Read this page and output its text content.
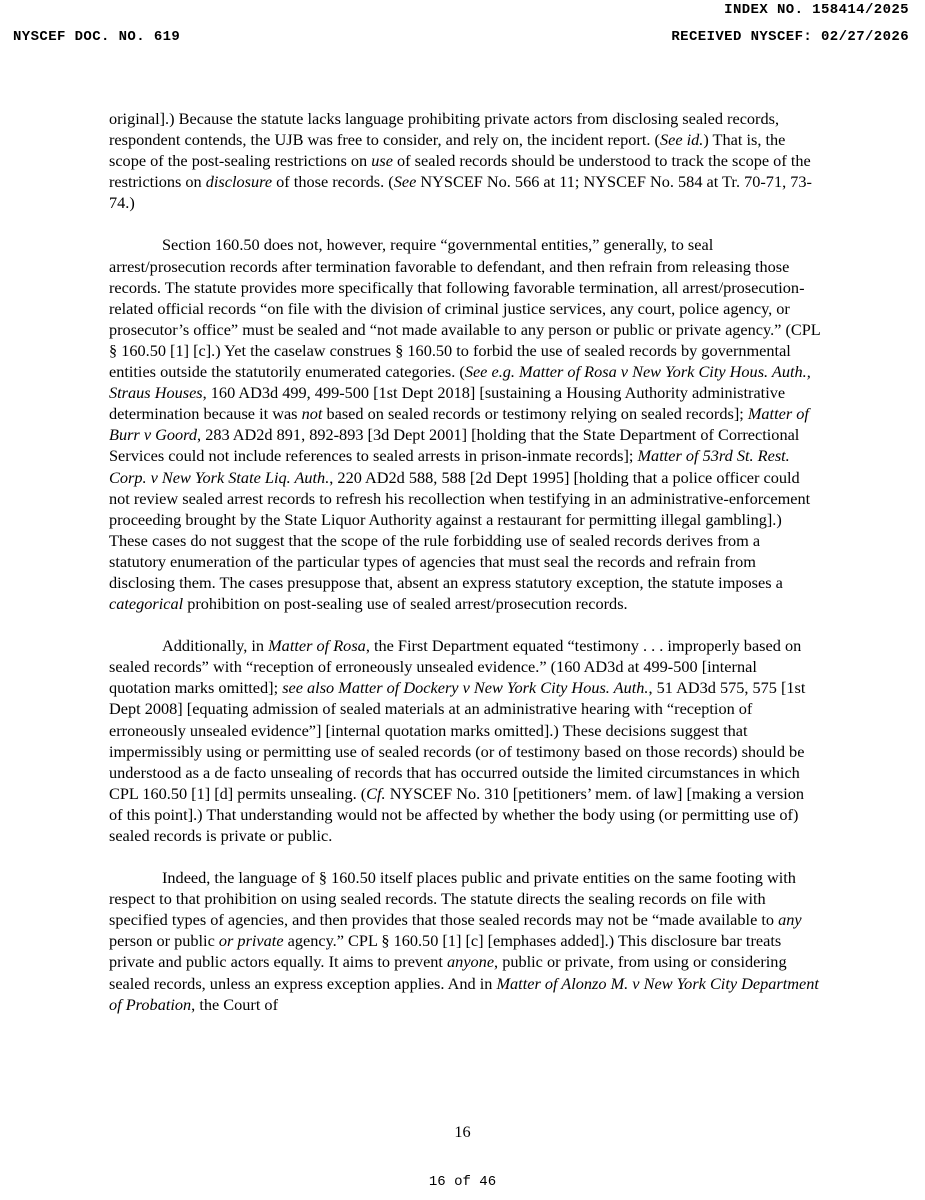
INDEX NO. 158414/2025
NYSCEF DOC. NO. 619	RECEIVED NYSCEF: 02/27/2026

original].) Because the statute lacks language prohibiting private actors from disclosing sealed records, respondent contends, the UJB was free to consider, and rely on, the incident report. (See id.) That is, the scope of the post-sealing restrictions on use of sealed records should be understood to track the scope of the restrictions on disclosure of those records. (See NYSCEF No. 566 at 11; NYSCEF No. 584 at Tr. 70-71, 73-74.)

Section 160.50 does not, however, require “governmental entities,” generally, to seal arrest/prosecution records after termination favorable to defendant, and then refrain from releasing those records. The statute provides more specifically that following favorable termination, all arrest/prosecution-related official records “on file with the division of criminal justice services, any court, police agency, or prosecutor’s office” must be sealed and “not made available to any person or public or private agency.” (CPL § 160.50 [1] [c].) Yet the caselaw construes § 160.50 to forbid the use of sealed records by governmental entities outside the statutorily enumerated categories. (See e.g. Matter of Rosa v New York City Hous. Auth., Straus Houses, 160 AD3d 499, 499-500 [1st Dept 2018] [sustaining a Housing Authority administrative determination because it was not based on sealed records or testimony relying on sealed records]; Matter of Burr v Goord, 283 AD2d 891, 892-893 [3d Dept 2001] [holding that the State Department of Correctional Services could not include references to sealed arrests in prison-inmate records]; Matter of 53rd St. Rest. Corp. v New York State Liq. Auth., 220 AD2d 588, 588 [2d Dept 1995] [holding that a police officer could not review sealed arrest records to refresh his recollection when testifying in an administrative-enforcement proceeding brought by the State Liquor Authority against a restaurant for permitting illegal gambling].) These cases do not suggest that the scope of the rule forbidding use of sealed records derives from a statutory enumeration of the particular types of agencies that must seal the records and refrain from disclosing them. The cases presuppose that, absent an express statutory exception, the statute imposes a categorical prohibition on post-sealing use of sealed arrest/prosecution records.

Additionally, in Matter of Rosa, the First Department equated “testimony . . . improperly based on sealed records” with “reception of erroneously unsealed evidence.” (160 AD3d at 499-500 [internal quotation marks omitted]; see also Matter of Dockery v New York City Hous. Auth., 51 AD3d 575, 575 [1st Dept 2008] [equating admission of sealed materials at an administrative hearing with “reception of erroneously unsealed evidence”] [internal quotation marks omitted].) These decisions suggest that impermissibly using or permitting use of sealed records (or of testimony based on those records) should be understood as a de facto unsealing of records that has occurred outside the limited circumstances in which CPL 160.50 [1] [d] permits unsealing. (Cf. NYSCEF No. 310 [petitioners’ mem. of law] [making a version of this point].) That understanding would not be affected by whether the body using (or permitting use of) sealed records is private or public.

Indeed, the language of § 160.50 itself places public and private entities on the same footing with respect to that prohibition on using sealed records. The statute directs the sealing records on file with specified types of agencies, and then provides that those sealed records may not be “made available to any person or public or private agency.” CPL § 160.50 [1] [c] [emphases added].) This disclosure bar treats private and public actors equally. It aims to prevent anyone, public or private, from using or considering sealed records, unless an express exception applies. And in Matter of Alonzo M. v New York City Department of Probation, the Court of

16
16 of 46
